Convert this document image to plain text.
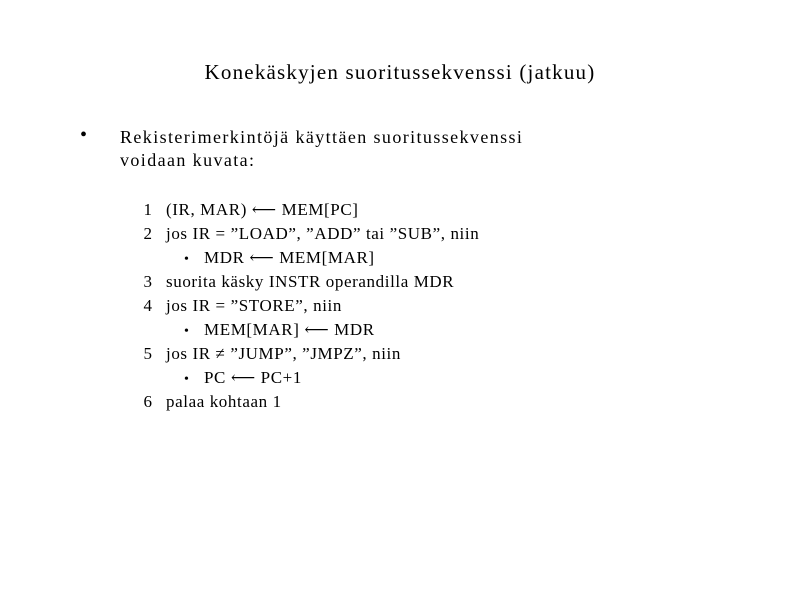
Konekäskyjen suoritussekvenssi (jatkuu)
• Rekisterimerkintöjä käyttäen suoritussekvenssi
voidaan kuvata:
1 (IR, MAR) ⟵ MEM[PC]
2 jos IR = ”LOAD”, ”ADD” tai ”SUB”, niin
• MDR ⟵ MEM[MAR]
3 suorita käsky INSTR operandilla MDR
4 jos IR = ”STORE”, niin
• MEM[MAR] ⟵ MDR
5 jos IR ≠ ”JUMP”, ”JMPZ”, niin
• PC ⟵ PC+1
6 palaa kohtaan 1
